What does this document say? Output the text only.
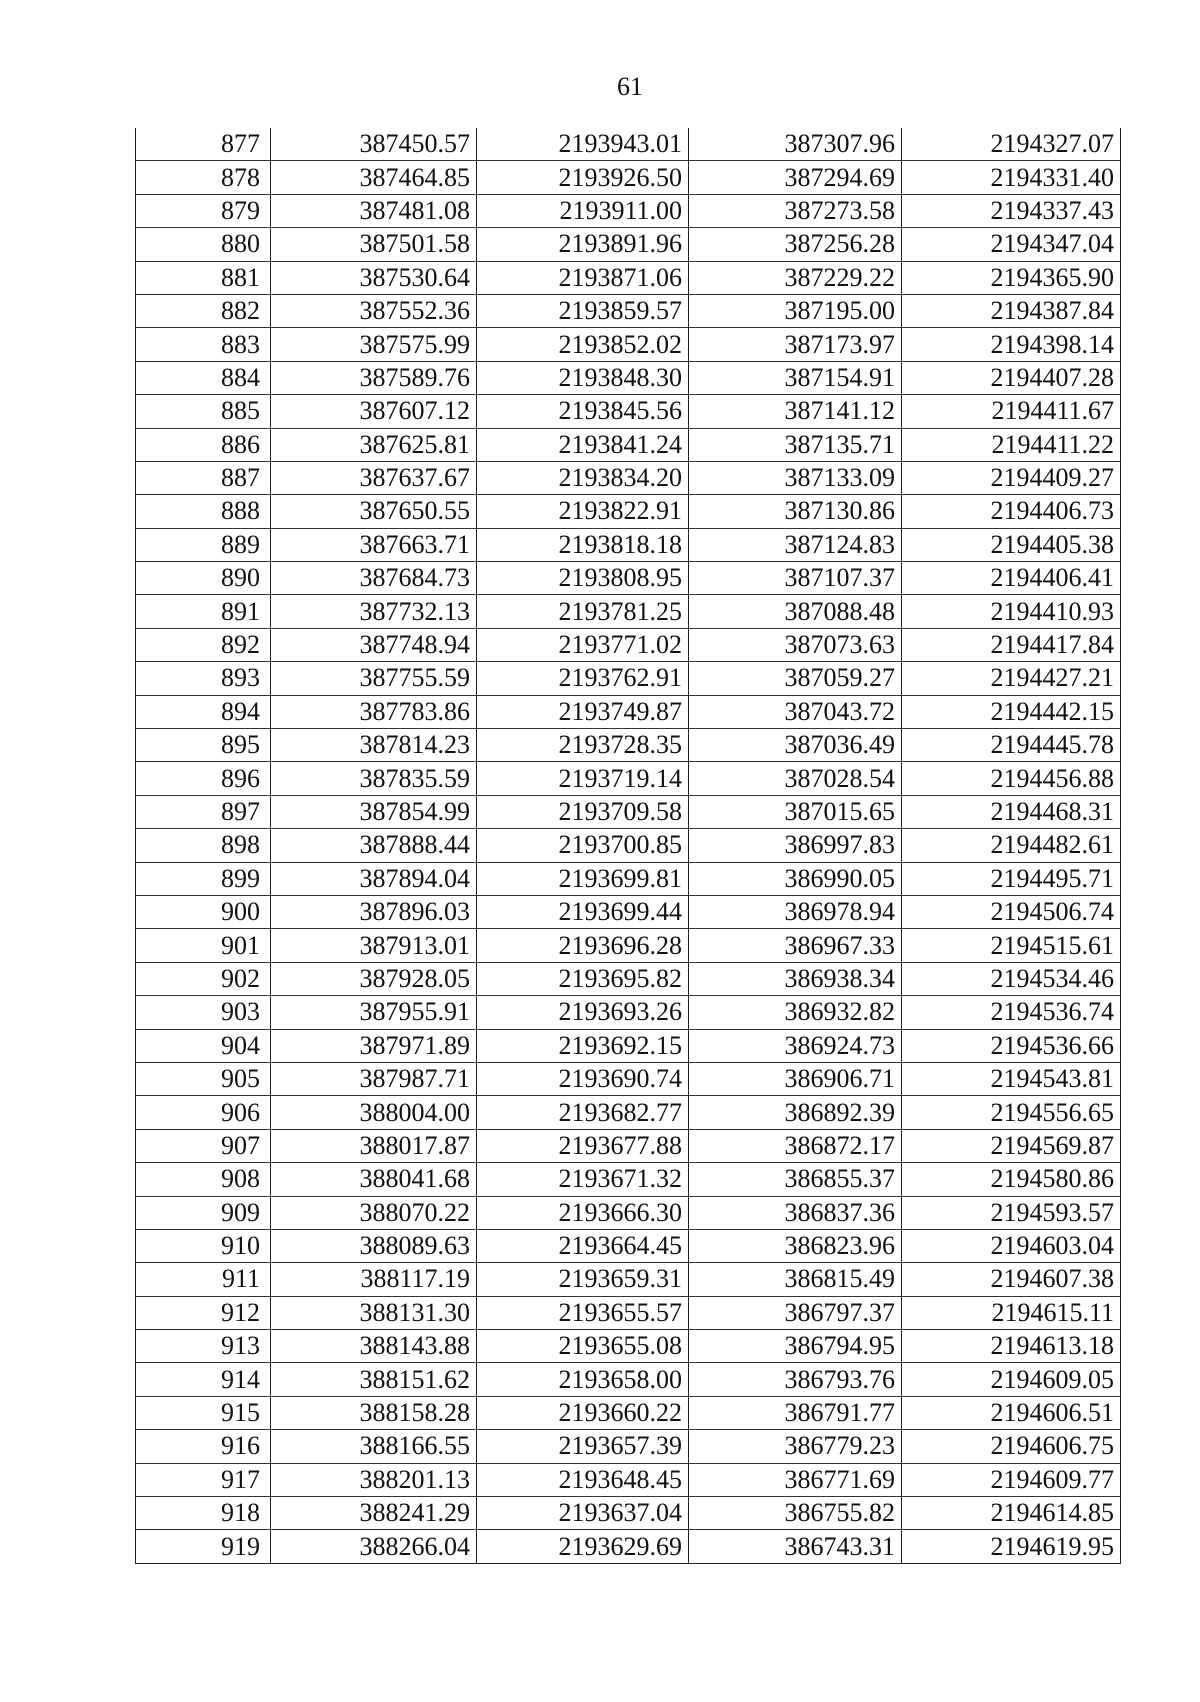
61
877	387450.57	2193943.01	387307.96	2194327.07
878	387464.85	2193926.50	387294.69	2194331.40
879	387481.08	2193911.00	387273.58	2194337.43
880	387501.58	2193891.96	387256.28	2194347.04
881	387530.64	2193871.06	387229.22	2194365.90
882	387552.36	2193859.57	387195.00	2194387.84
883	387575.99	2193852.02	387173.97	2194398.14
884	387589.76	2193848.30	387154.91	2194407.28
885	387607.12	2193845.56	387141.12	2194411.67
886	387625.81	2193841.24	387135.71	2194411.22
887	387637.67	2193834.20	387133.09	2194409.27
888	387650.55	2193822.91	387130.86	2194406.73
889	387663.71	2193818.18	387124.83	2194405.38
890	387684.73	2193808.95	387107.37	2194406.41
891	387732.13	2193781.25	387088.48	2194410.93
892	387748.94	2193771.02	387073.63	2194417.84
893	387755.59	2193762.91	387059.27	2194427.21
894	387783.86	2193749.87	387043.72	2194442.15
895	387814.23	2193728.35	387036.49	2194445.78
896	387835.59	2193719.14	387028.54	2194456.88
897	387854.99	2193709.58	387015.65	2194468.31
898	387888.44	2193700.85	386997.83	2194482.61
899	387894.04	2193699.81	386990.05	2194495.71
900	387896.03	2193699.44	386978.94	2194506.74
901	387913.01	2193696.28	386967.33	2194515.61
902	387928.05	2193695.82	386938.34	2194534.46
903	387955.91	2193693.26	386932.82	2194536.74
904	387971.89	2193692.15	386924.73	2194536.66
905	387987.71	2193690.74	386906.71	2194543.81
906	388004.00	2193682.77	386892.39	2194556.65
907	388017.87	2193677.88	386872.17	2194569.87
908	388041.68	2193671.32	386855.37	2194580.86
909	388070.22	2193666.30	386837.36	2194593.57
910	388089.63	2193664.45	386823.96	2194603.04
911	388117.19	2193659.31	386815.49	2194607.38
912	388131.30	2193655.57	386797.37	2194615.11
913	388143.88	2193655.08	386794.95	2194613.18
914	388151.62	2193658.00	386793.76	2194609.05
915	388158.28	2193660.22	386791.77	2194606.51
916	388166.55	2193657.39	386779.23	2194606.75
917	388201.13	2193648.45	386771.69	2194609.77
918	388241.29	2193637.04	386755.82	2194614.85
919	388266.04	2193629.69	386743.31	2194619.95
